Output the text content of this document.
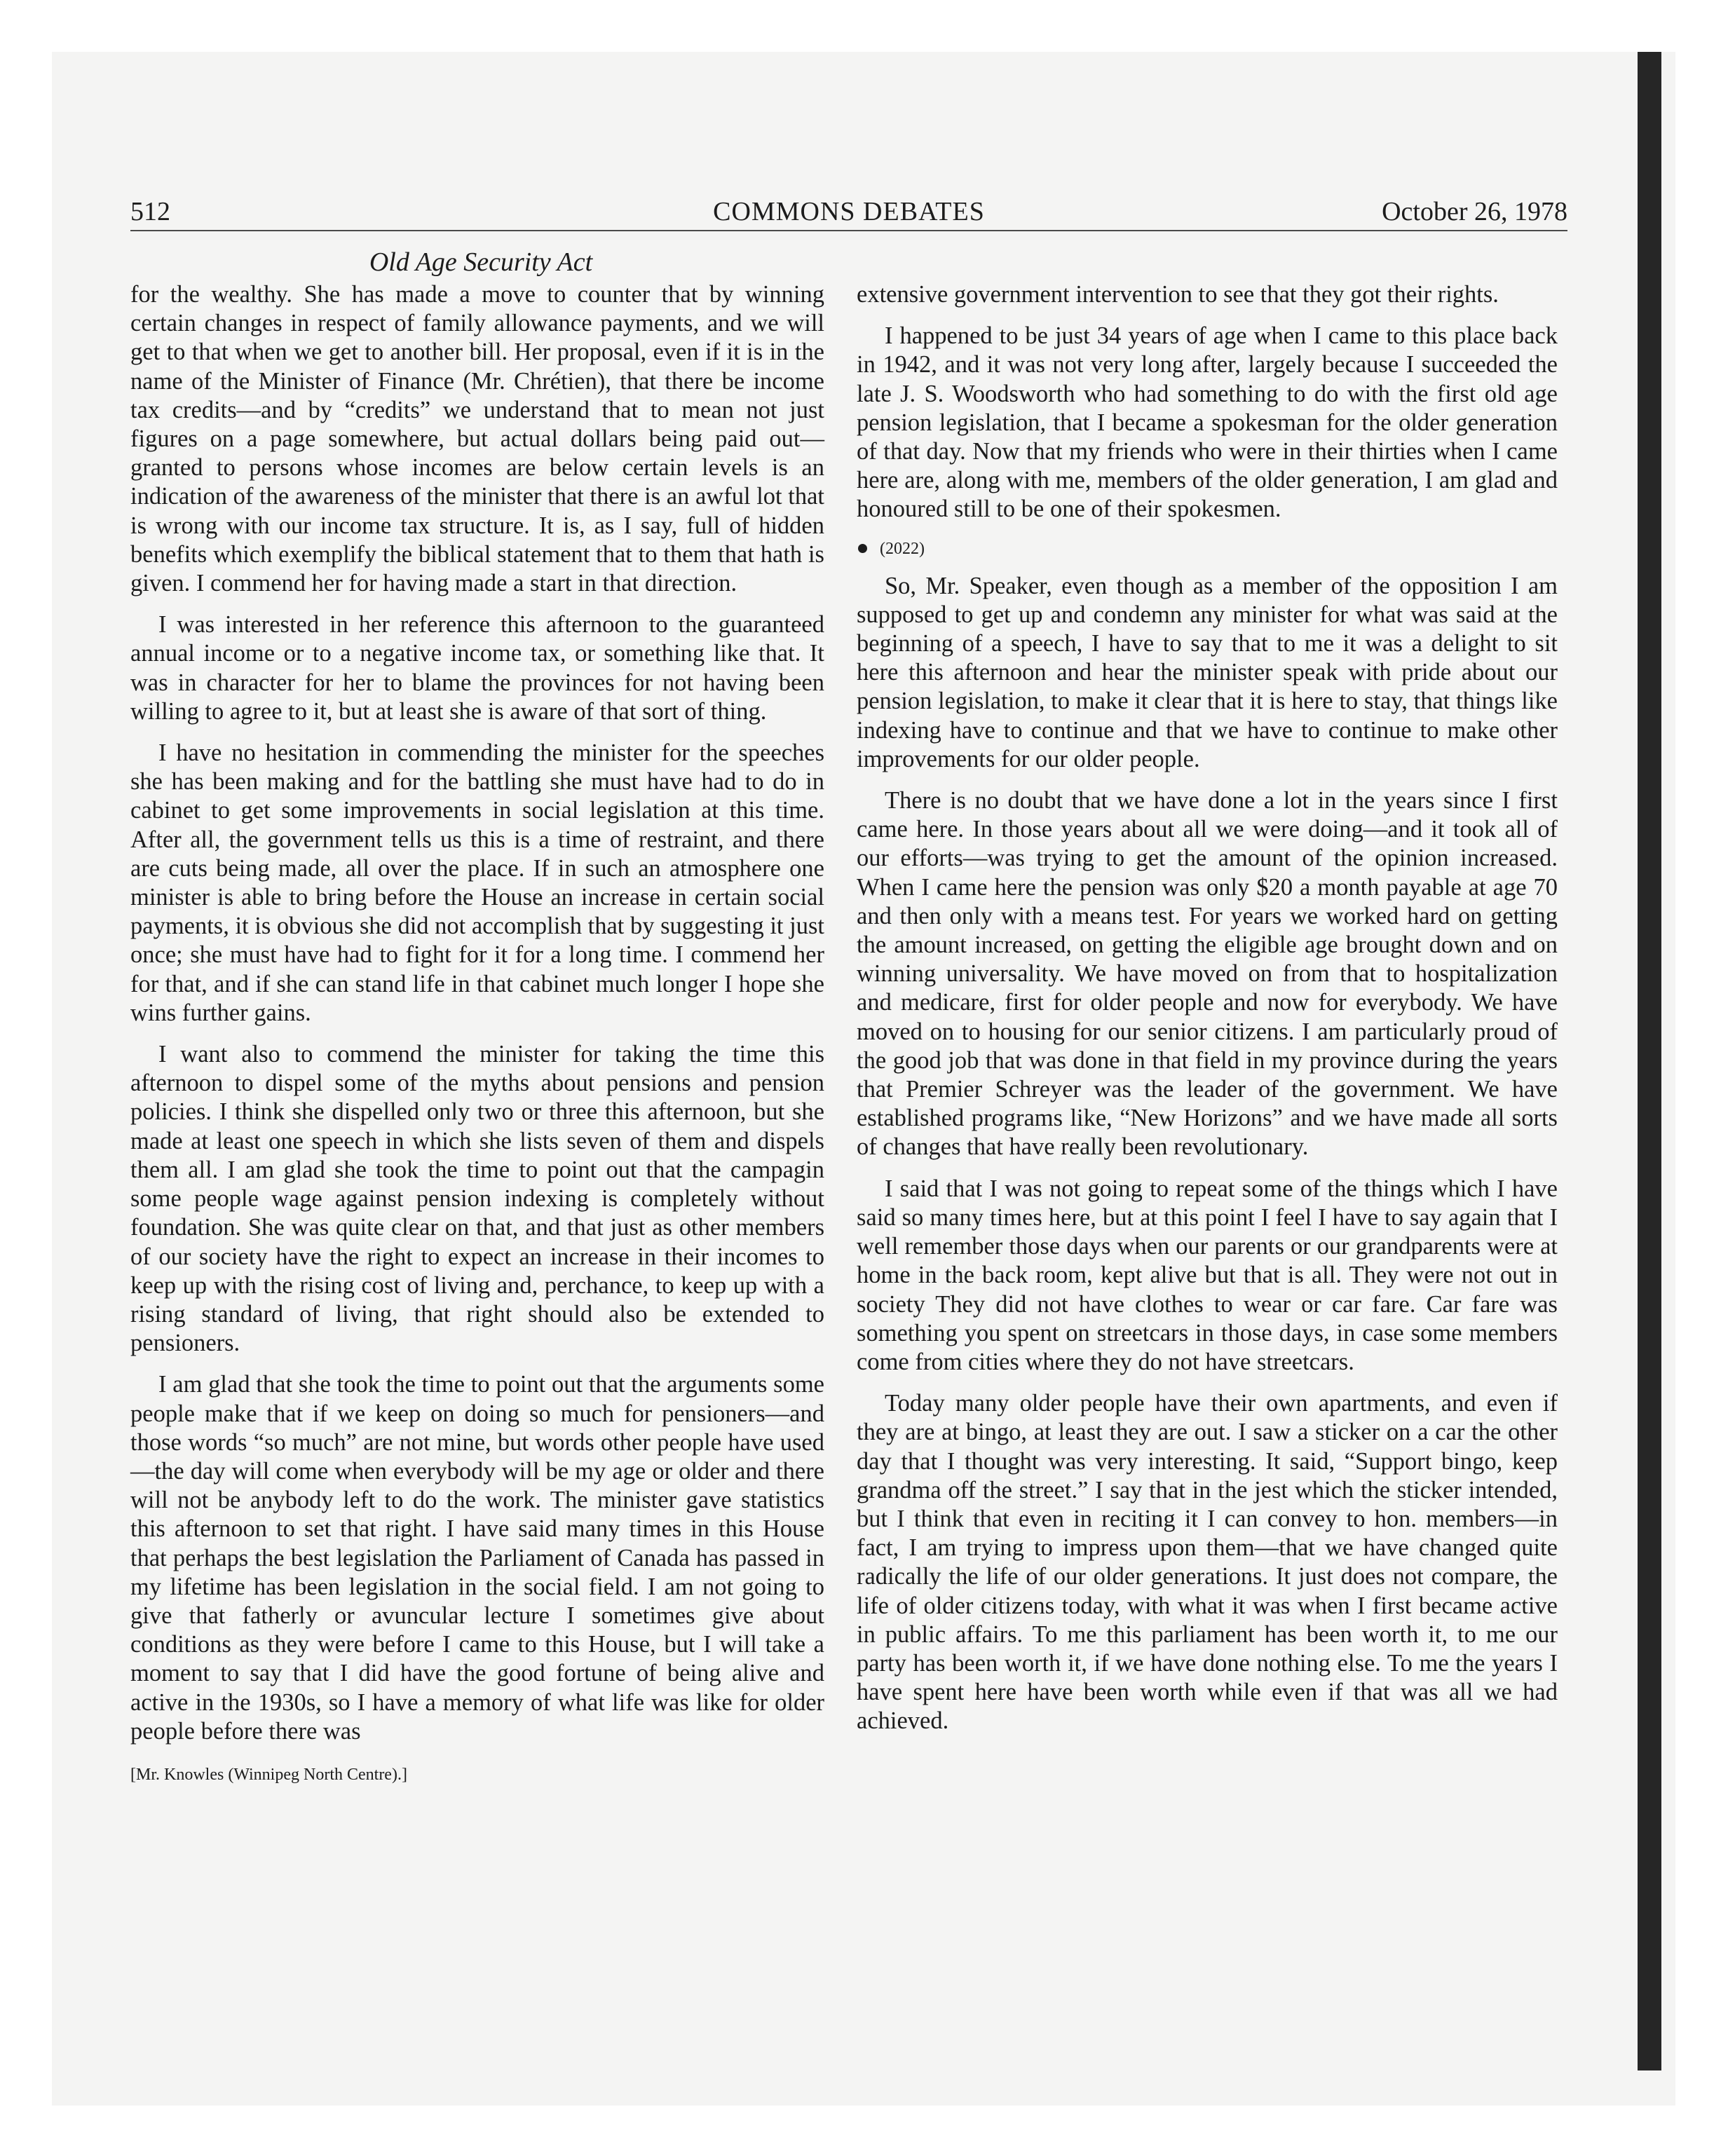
512	COMMONS DEBATES	October 26, 1978
Old Age Security Act

for the wealthy. She has made a move to counter that by winning certain changes in respect of family allowance payments, and we will get to that when we get to another bill. Her proposal, even if it is in the name of the Minister of Finance (Mr. Chrétien), that there be income tax credits—and by “credits” we understand that to mean not just figures on a page somewhere, but actual dollars being paid out—granted to persons whose incomes are below certain levels is an indication of the awareness of the minister that there is an awful lot that is wrong with our income tax structure. It is, as I say, full of hidden benefits which exemplify the biblical statement that to them that hath is given. I commend her for having made a start in that direction.

I was interested in her reference this afternoon to the guaranteed annual income or to a negative income tax, or something like that. It was in character for her to blame the provinces for not having been willing to agree to it, but at least she is aware of that sort of thing.

I have no hesitation in commending the minister for the speeches she has been making and for the battling she must have had to do in cabinet to get some improvements in social legislation at this time. After all, the government tells us this is a time of restraint, and there are cuts being made, all over the place. If in such an atmosphere one minister is able to bring before the House an increase in certain social payments, it is obvious she did not accomplish that by suggesting it just once; she must have had to fight for it for a long time. I commend her for that, and if she can stand life in that cabinet much longer I hope she wins further gains.

I want also to commend the minister for taking the time this afternoon to dispel some of the myths about pensions and pension policies. I think she dispelled only two or three this afternoon, but she made at least one speech in which she lists seven of them and dispels them all. I am glad she took the time to point out that the campagin some people wage against pension indexing is completely without foundation. She was quite clear on that, and that just as other members of our society have the right to expect an increase in their incomes to keep up with the rising cost of living and, perchance, to keep up with a rising standard of living, that right should also be extended to pensioners.

I am glad that she took the time to point out that the arguments some people make that if we keep on doing so much for pensioners—and those words “so much” are not mine, but words other people have used—the day will come when everybody will be my age or older and there will not be anybody left to do the work. The minister gave statistics this afternoon to set that right. I have said many times in this House that perhaps the best legislation the Parliament of Canada has passed in my lifetime has been legislation in the social field. I am not going to give that fatherly or avuncular lecture I sometimes give about conditions as they were before I came to this House, but I will take a moment to say that I did have the good fortune of being alive and active in the 1930s, so I have a memory of what life was like for older people before there was

[Mr. Knowles (Winnipeg North Centre).]

extensive government intervention to see that they got their rights.

I happened to be just 34 years of age when I came to this place back in 1942, and it was not very long after, largely because I succeeded the late J. S. Woodsworth who had something to do with the first old age pension legislation, that I became a spokesman for the older generation of that day. Now that my friends who were in their thirties when I came here are, along with me, members of the older generation, I am glad and honoured still to be one of their spokesmen.

(2022)

So, Mr. Speaker, even though as a member of the opposition I am supposed to get up and condemn any minister for what was said at the beginning of a speech, I have to say that to me it was a delight to sit here this afternoon and hear the minister speak with pride about our pension legislation, to make it clear that it is here to stay, that things like indexing have to continue and that we have to continue to make other improvements for our older people.

There is no doubt that we have done a lot in the years since I first came here. In those years about all we were doing—and it took all of our efforts—was trying to get the amount of the opinion increased. When I came here the pension was only $20 a month payable at age 70 and then only with a means test. For years we worked hard on getting the amount increased, on getting the eligible age brought down and on winning universality. We have moved on from that to hospitalization and medicare, first for older people and now for everybody. We have moved on to housing for our senior citizens. I am particularly proud of the good job that was done in that field in my province during the years that Premier Schreyer was the leader of the government. We have established programs like, “New Horizons” and we have made all sorts of changes that have really been revolutionary.

I said that I was not going to repeat some of the things which I have said so many times here, but at this point I feel I have to say again that I well remember those days when our parents or our grandparents were at home in the back room, kept alive but that is all. They were not out in society They did not have clothes to wear or car fare. Car fare was something you spent on streetcars in those days, in case some members come from cities where they do not have streetcars.

Today many older people have their own apartments, and even if they are at bingo, at least they are out. I saw a sticker on a car the other day that I thought was very interesting. It said, “Support bingo, keep grandma off the street.” I say that in the jest which the sticker intended, but I think that even in reciting it I can convey to hon. members—in fact, I am trying to impress upon them—that we have changed quite radically the life of our older generations. It just does not compare, the life of older citizens today, with what it was when I first became active in public affairs. To me this parliament has been worth it, to me our party has been worth it, if we have done nothing else. To me the years I have spent here have been worth while even if that was all we had achieved.
